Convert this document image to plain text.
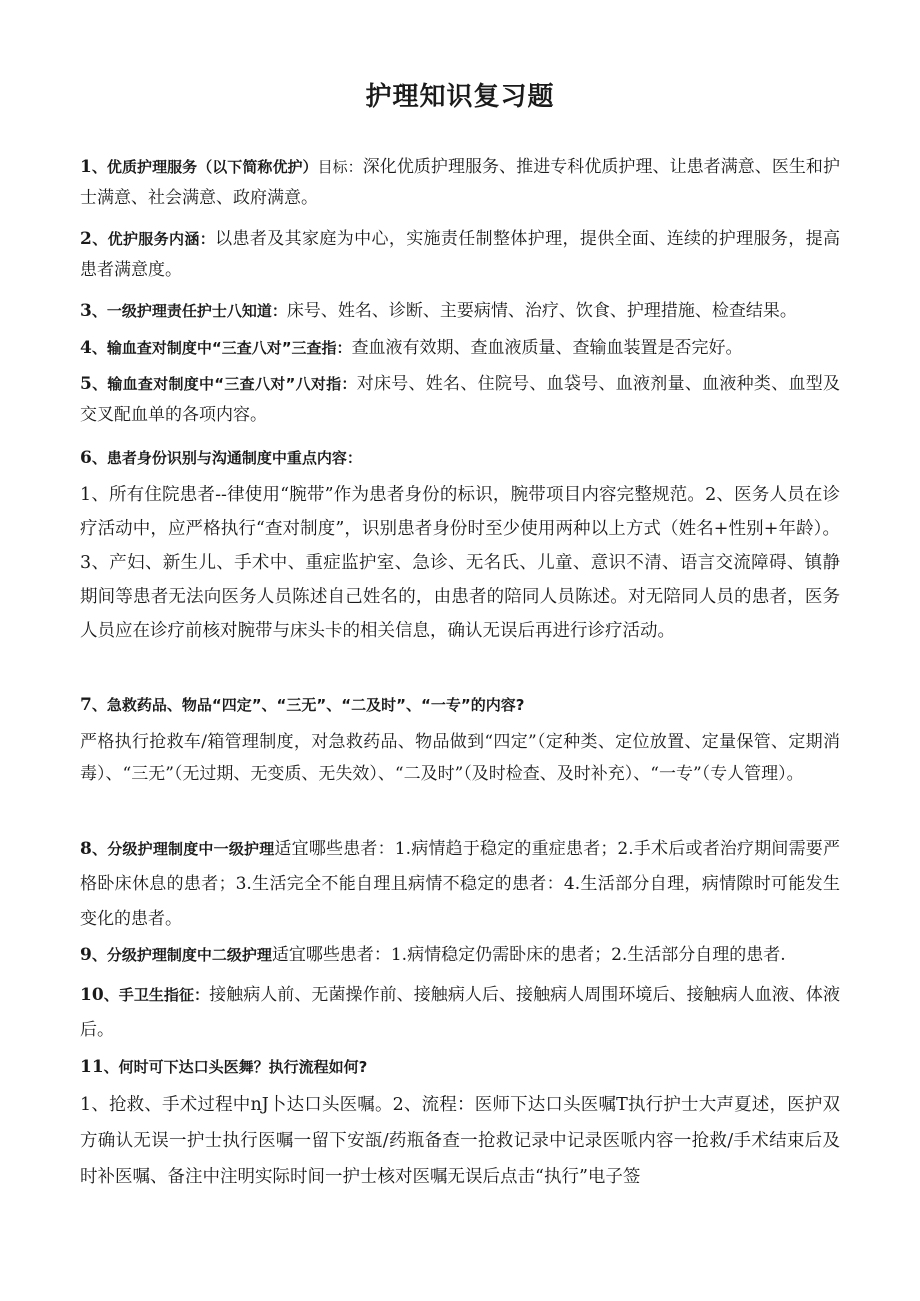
护理知识复习题
1、优质护理服务（以下简称优护）目标：深化优质护理服务、推进专科优质护理、让患者满意、医生和护士满意、社会满意、政府满意。
2、优护服务内涵：以患者及其家庭为中心，实施责任制整体护理，提供全面、连续的护理服务，提高患者满意度。
3、一级护理责任护士八知道：床号、姓名、诊断、主要病情、治疗、饮食、护理措施、检查结果。
4、输血查对制度中“三查八对”三查指：查血液有效期、查血液质量、查输血装置是否完好。
5、输血查对制度中“三查八对”八对指：对床号、姓名、住院号、血袋号、血液剂量、血液种类、血型及交叉配血单的各项内容。
6、患者身份识别与沟通制度中重点内容：
1、所有住院患者--律使用“腕带”作为患者身份的标识，腕带项目内容完整规范。2、医务人员在诊疗活动中，应严格执行“查对制度”，识别患者身份时至少使用两种以上方式（姓名+性别+年龄）。3、产妇、新生儿、手术中、重症监护室、急诊、无名氏、儿童、意识不清、语言交流障碍、镇静期间等患者无法向医务人员陈述自己姓名的，由患者的陪同人员陈述。对无陪同人员的患者，医务人员应在诊疗前核对腕带与床头卡的相关信息，确认无误后再进行诊疗活动。
7、急救药品、物品“四定”、“三无”、“二及时”、“一专”的内容?
严格执行抢救车/箱管理制度，对急救药品、物品做到“四定”（定种类、定位放置、定量保管、定期消毒）、“三无”（无过期、无变质、无失效）、“二及时”（及时检查、及时补充）、“一专”（专人管理）。
8、分级护理制度中一级护理适宜哪些患者：1.病情趋于稳定的重症患者；2.手术后或者治疗期间需要严格卧床休息的患者；3.生活完全不能自理且病情不稳定的患者：4.生活部分自理，病情隙时可能发生变化的患者。
9、分级护理制度中二级护理适宜哪些患者：1.病情稳定仍需卧床的患者；2.生活部分自理的患者.
10、手卫生指征：接触病人前、无菌操作前、接触病人后、接触病人周围环境后、接触病人血液、体液后。
11、何时可下达口头医舞？执行流程如何?
1、抢救、手术过程中nJ卜达口头医嘱。2、流程：医师下达口头医嘱T执行护士大声夏述，医护双方确认无误一护士执行医嘱一留下安瓿/药瓶备查一抢救记录中记录医哌内容一抢救/手术结束后及时补医嘱、备注中注明实际时间一护士核对医嘱无误后点击“执行”电子签
